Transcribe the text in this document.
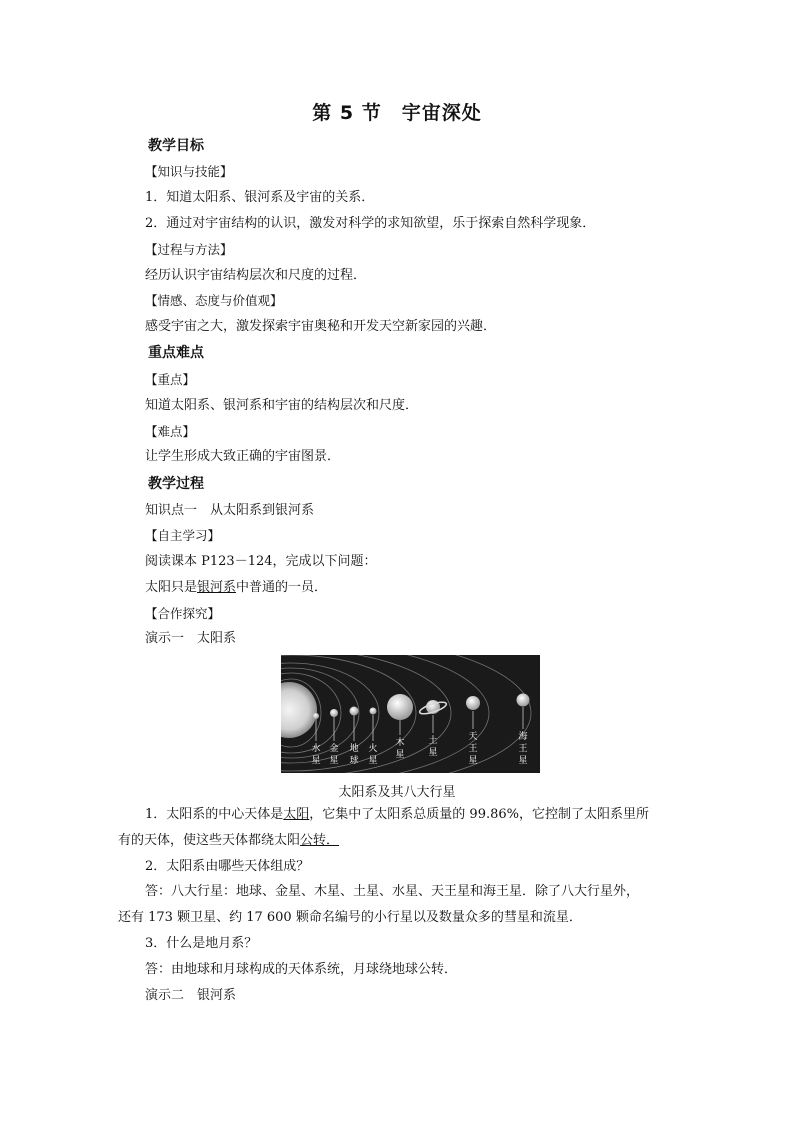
第 5 节　宇宙深处
教学目标
【知识与技能】
1．知道太阳系、银河系及宇宙的关系．
2．通过对宇宙结构的认识，激发对科学的求知欲望，乐于探索自然科学现象．
【过程与方法】
经历认识宇宙结构层次和尺度的过程．
【情感、态度与价值观】
感受宇宙之大，激发探索宇宙奥秘和开发天空新家园的兴趣．
重点难点
【重点】
知道太阳系、银河系和宇宙的结构层次和尺度．
【难点】
让学生形成大致正确的宇宙图景．
教学过程
知识点一　从太阳系到银河系
【自主学习】
阅读课本 P123－124，完成以下问题：
太阳只是银河系中普通的一员．
【合作探究】
演示一　太阳系
水
星
金
星
地
球
火
星
木
星
土
星
天
王
星
海
王
星
太阳系及其八大行星
1．太阳系的中心天体是太阳，它集中了太阳系总质量的 99.86%，它控制了太阳系里所
有的天体，使这些天体都绕太阳公转．
2．太阳系由哪些天体组成？
答：八大行星：地球、金星、木星、土星、水星、天王星和海王星．除了八大行星外，
还有 173 颗卫星、约 17 600 颗命名编号的小行星以及数量众多的彗星和流星．
3．什么是地月系？
答：由地球和月球构成的天体系统，月球绕地球公转．
演示二　银河系
